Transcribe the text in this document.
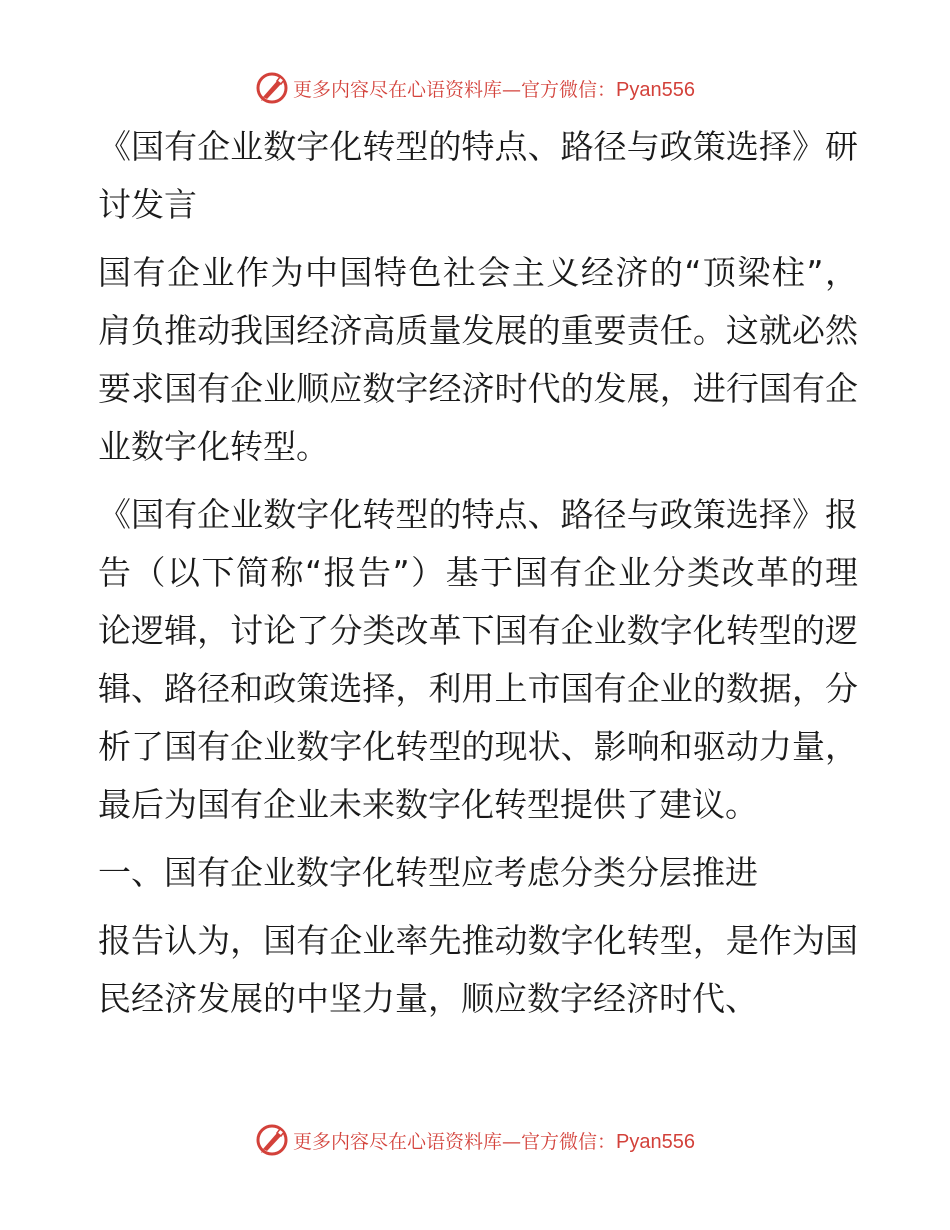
更多内容尽在心语资料库—官方微信：Pyan556

《国有企业数字化转型的特点、路径与政策选择》研讨发言

国有企业作为中国特色社会主义经济的“顶梁柱”，肩负推动我国经济高质量发展的重要责任。这就必然要求国有企业顺应数字经济时代的发展，进行国有企业数字化转型。

《国有企业数字化转型的特点、路径与政策选择》报告（以下简称“报告”）基于国有企业分类改革的理论逻辑，讨论了分类改革下国有企业数字化转型的逻辑、路径和政策选择，利用上市国有企业的数据，分析了国有企业数字化转型的现状、影响和驱动力量，最后为国有企业未来数字化转型提供了建议。

一、国有企业数字化转型应考虑分类分层推进

报告认为，国有企业率先推动数字化转型，是作为国民经济发展的中坚力量，顺应数字经济时代、

更多内容尽在心语资料库—官方微信：Pyan556
